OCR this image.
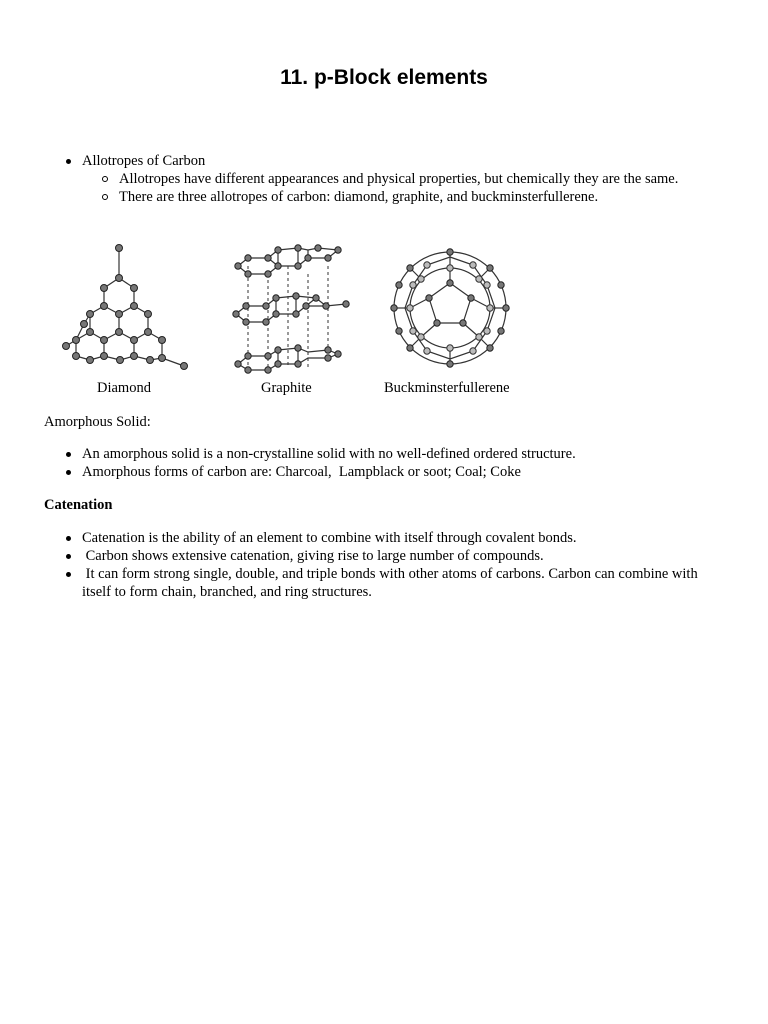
11. p-Block elements
Allotropes of Carbon
Allotropes have different appearances and physical properties, but chemically they are the same.
There are three allotropes of carbon: diamond, graphite, and buckminsterfullerene.
Diamond	Graphite	Buckminsterfullerene
Amorphous Solid:
An amorphous solid is a non-crystalline solid with no well-defined ordered structure.
Amorphous forms of carbon are: Charcoal,  Lampblack or soot; Coal; Coke
Catenation
Catenation is the ability of an element to combine with itself through covalent bonds.
Carbon shows extensive catenation, giving rise to large number of compounds.
It can form strong single, double, and triple bonds with other atoms of carbons. Carbon can combine with itself to form chain, branched, and ring structures.
